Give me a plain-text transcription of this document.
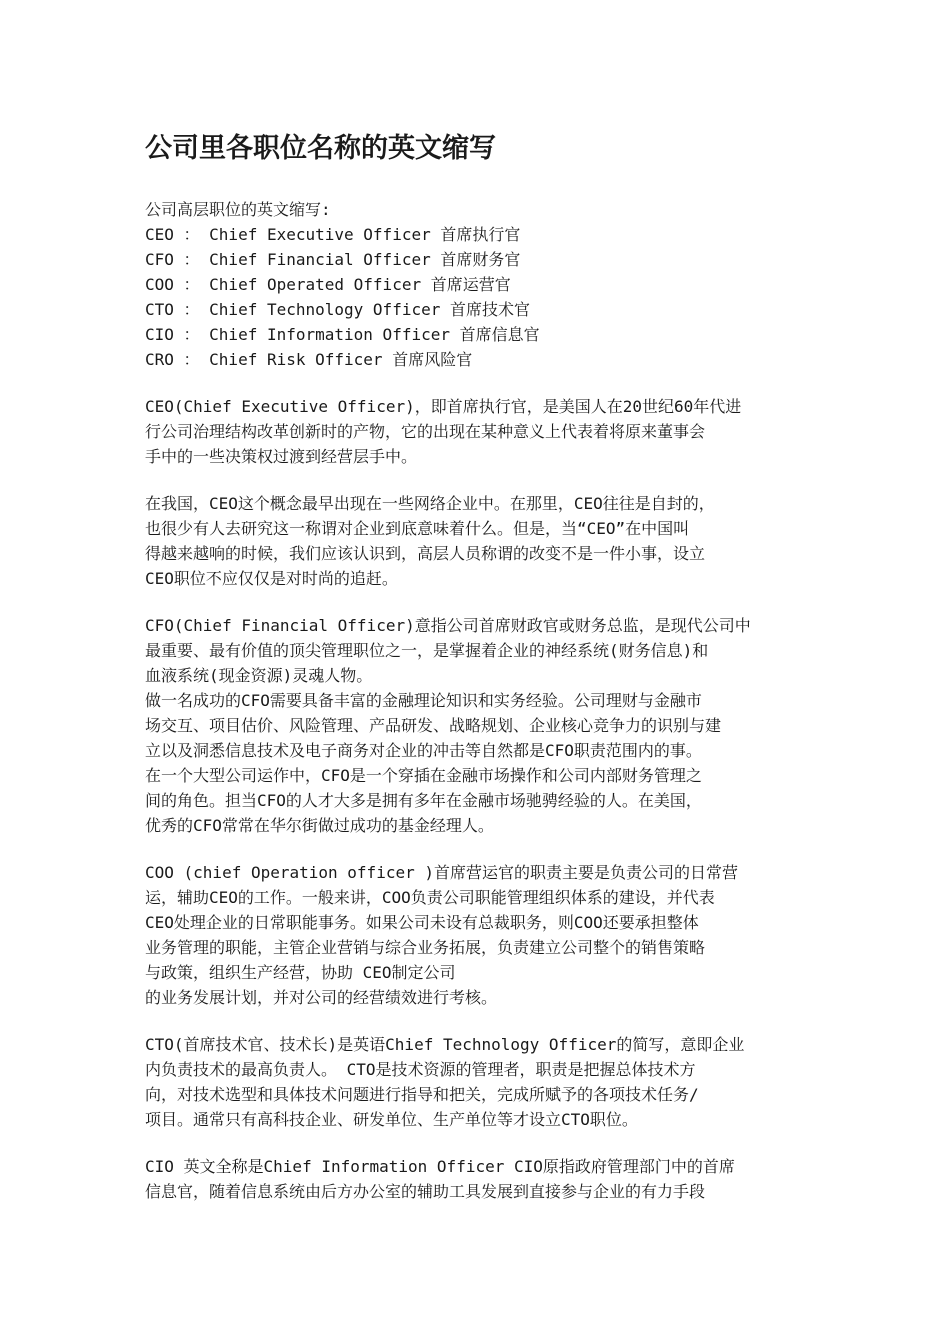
公司里各职位名称的英文缩写
公司高层职位的英文缩写:
CEO ： Chief Executive Officer 首席执行官
CFO ： Chief Financial Officer 首席财务官
COO ： Chief Operated Officer 首席运营官
CTO ： Chief Technology Officer 首席技术官
CIO ： Chief Information Officer 首席信息官
CRO ： Chief Risk Officer 首席风险官
CEO(Chief Executive Officer)，即首席执行官，是美国人在20世纪60年代进
行公司治理结构改革创新时的产物，它的出现在某种意义上代表着将原来董事会
手中的一些决策权过渡到经营层手中。
在我国，CEO这个概念最早出现在一些网络企业中。在那里，CEO往往是自封的，
也很少有人去研究这一称谓对企业到底意味着什么。但是，当“CEO”在中国叫
得越来越响的时候，我们应该认识到，高层人员称谓的改变不是一件小事，设立
CEO职位不应仅仅是对时尚的追赶。
CFO(Chief Financial Officer)意指公司首席财政官或财务总监，是现代公司中
最重要、最有价值的顶尖管理职位之一，是掌握着企业的神经系统(财务信息)和
血液系统(现金资源)灵魂人物。
做一名成功的CFO需要具备丰富的金融理论知识和实务经验。公司理财与金融市
场交互、项目估价、风险管理、产品研发、战略规划、企业核心竞争力的识别与建
立以及洞悉信息技术及电子商务对企业的冲击等自然都是CFO职责范围内的事。
在一个大型公司运作中，CFO是一个穿插在金融市场操作和公司内部财务管理之
间的角色。担当CFO的人才大多是拥有多年在金融市场驰骋经验的人。在美国，
优秀的CFO常常在华尔街做过成功的基金经理人。
COO (chief Operation officer )首席营运官的职责主要是负责公司的日常营
运，辅助CEO的工作。一般来讲，COO负责公司职能管理组织体系的建设，并代表
CEO处理企业的日常职能事务。如果公司未设有总裁职务，则COO还要承担整体
业务管理的职能，主管企业营销与综合业务拓展，负责建立公司整个的销售策略
与政策，组织生产经营，协助 CEO制定公司
的业务发展计划，并对公司的经营绩效进行考核。
CTO(首席技术官、技术长)是英语Chief Technology Officer的简写，意即企业
内负责技术的最高负责人。 CTO是技术资源的管理者，职责是把握总体技术方
向，对技术选型和具体技术问题进行指导和把关，完成所赋予的各项技术任务/
项目。通常只有高科技企业、研发单位、生产单位等才设立CTO职位。
CIO 英文全称是Chief Information Officer CIO原指政府管理部门中的首席
信息官，随着信息系统由后方办公室的辅助工具发展到直接参与企业的有力手段
